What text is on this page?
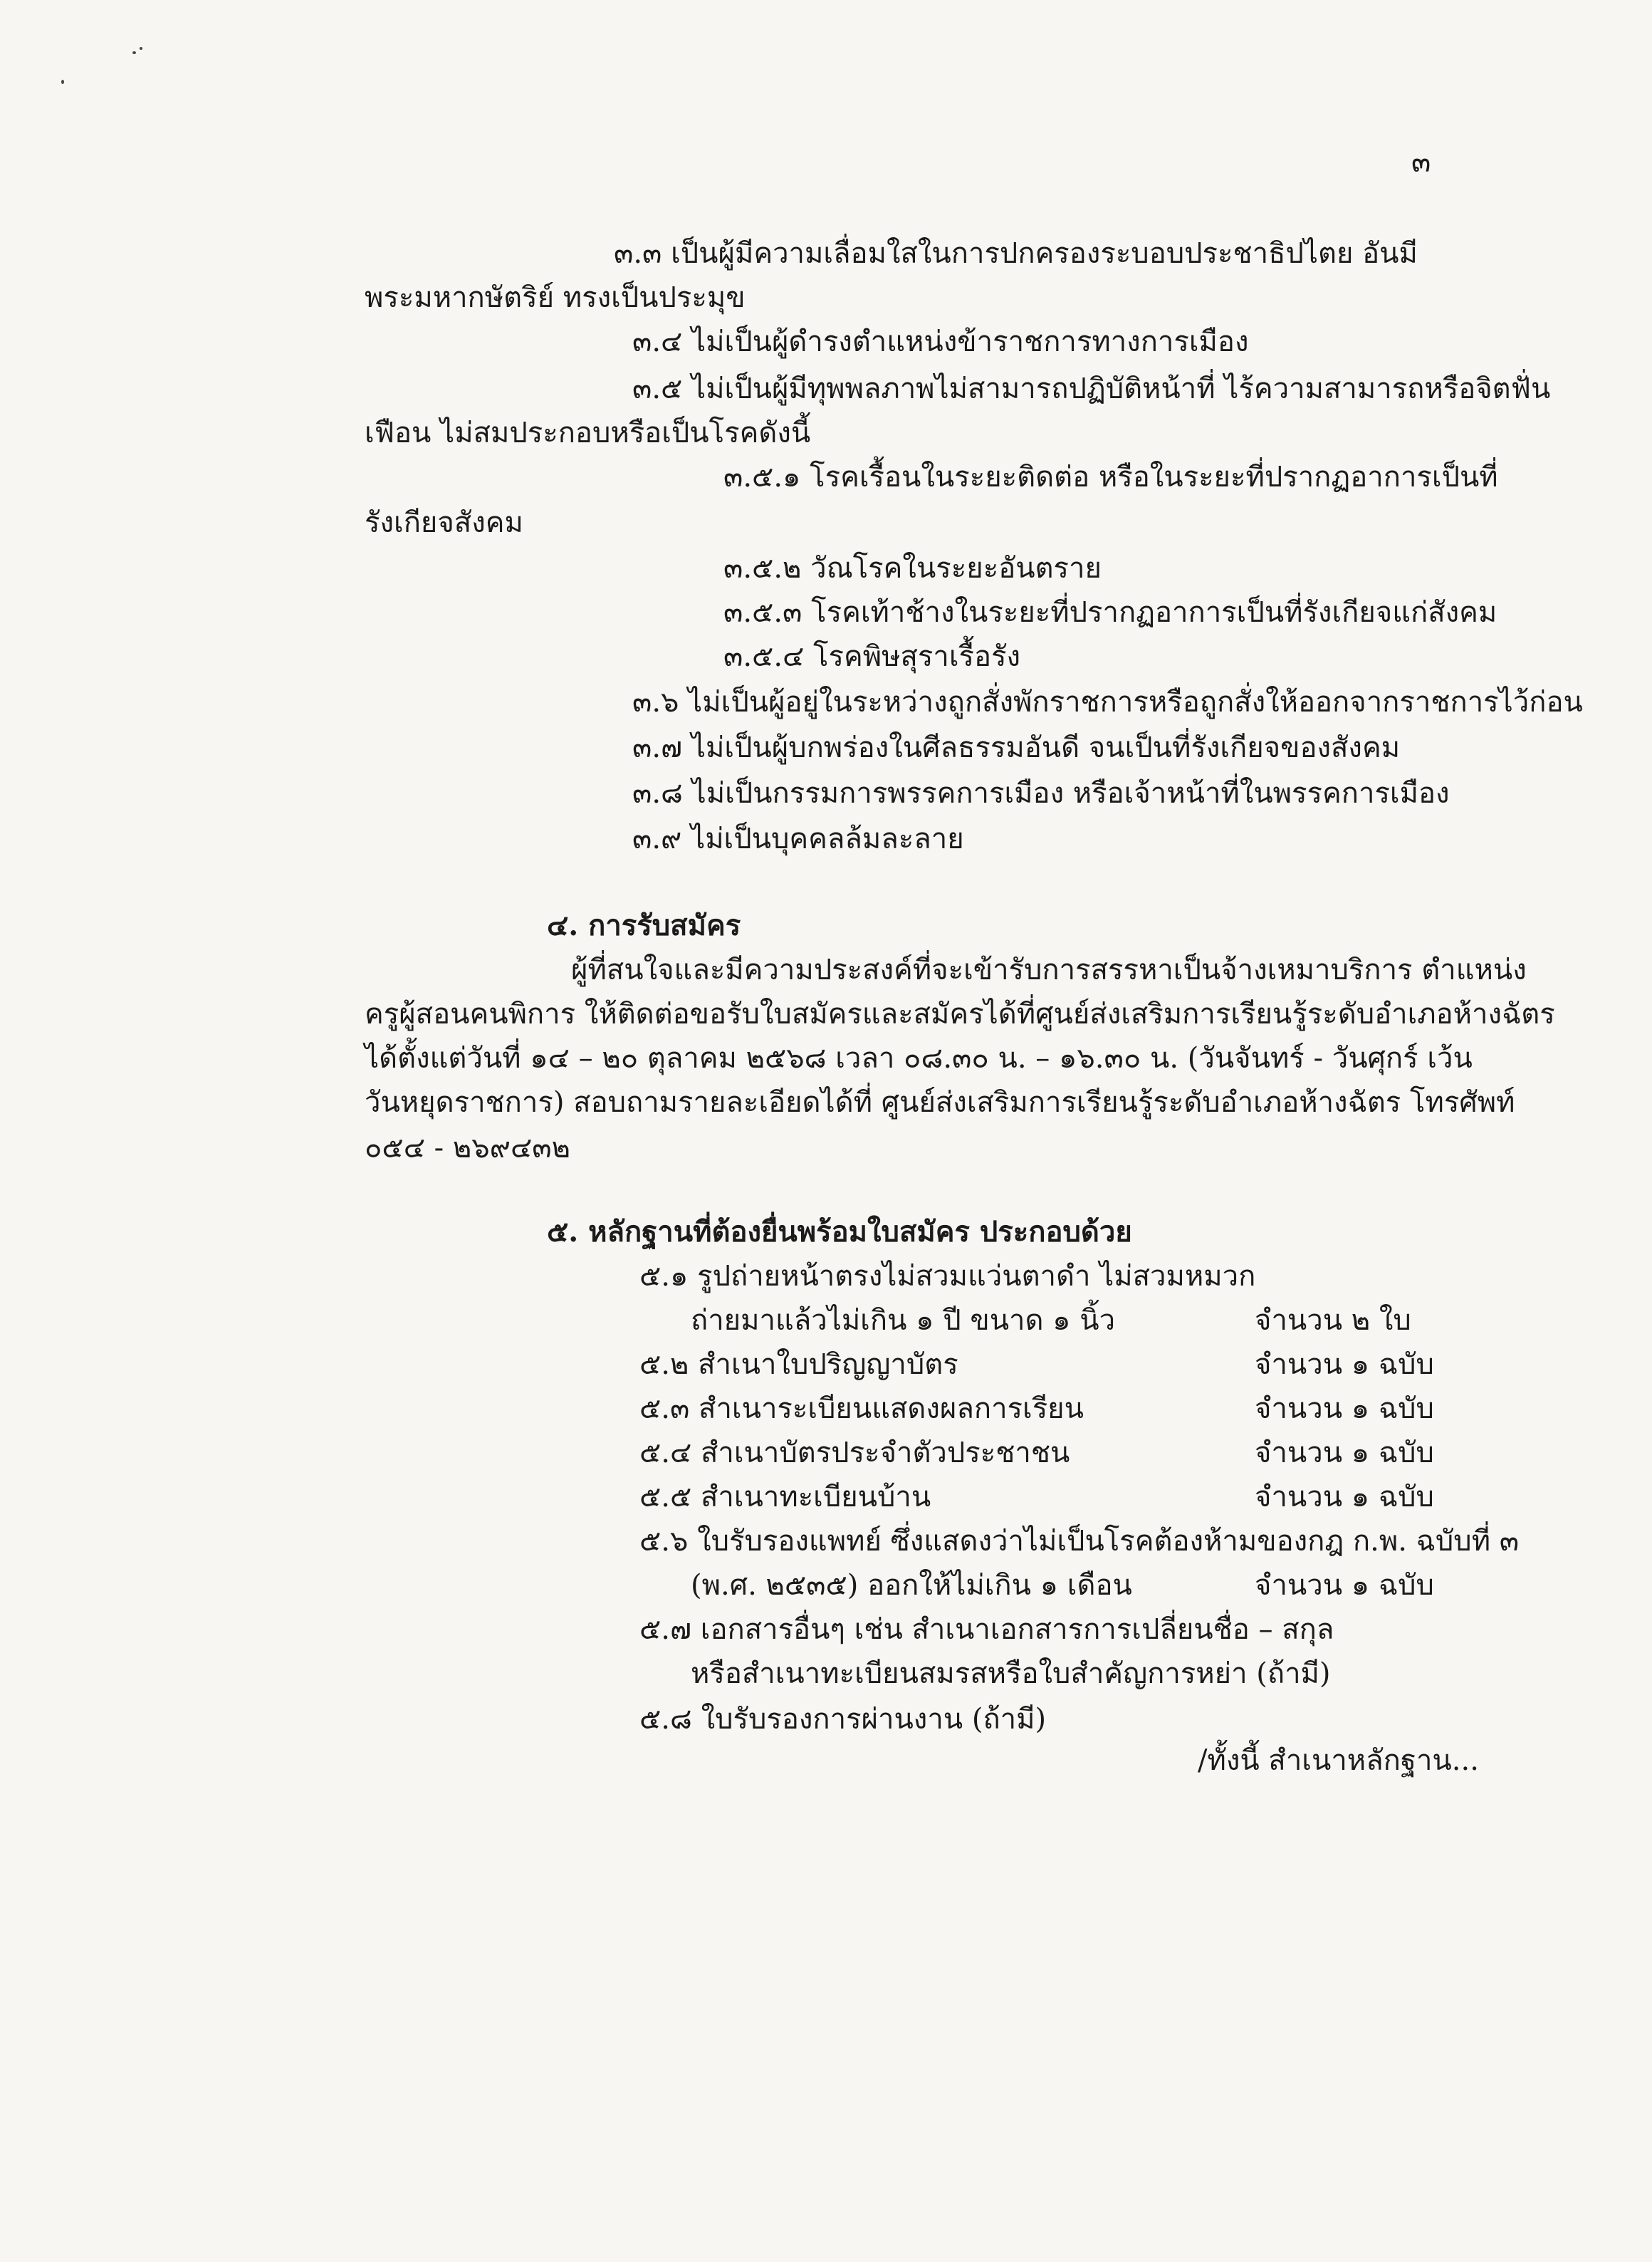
๓
๓.๓ เป็นผู้มีความเลื่อมใสในการปกครองระบอบประชาธิปไตย อันมี
พระมหากษัตริย์ ทรงเป็นประมุข
๓.๔ ไม่เป็นผู้ดำรงตำแหน่งข้าราชการทางการเมือง
๓.๕ ไม่เป็นผู้มีทุพพลภาพไม่สามารถปฏิบัติหน้าที่ ไร้ความสามารถหรือจิตฟั่น
เฟือน ไม่สมประกอบหรือเป็นโรคดังนี้
๓.๕.๑ โรคเรื้อนในระยะติดต่อ หรือในระยะที่ปรากฏอาการเป็นที่
รังเกียจสังคม
๓.๕.๒ วัณโรคในระยะอันตราย
๓.๕.๓ โรคเท้าช้างในระยะที่ปรากฏอาการเป็นที่รังเกียจแก่สังคม
๓.๕.๔ โรคพิษสุราเรื้อรัง
๓.๖ ไม่เป็นผู้อยู่ในระหว่างถูกสั่งพักราชการหรือถูกสั่งให้ออกจากราชการไว้ก่อน
๓.๗ ไม่เป็นผู้บกพร่องในศีลธรรมอันดี จนเป็นที่รังเกียจของสังคม
๓.๘ ไม่เป็นกรรมการพรรคการเมือง หรือเจ้าหน้าที่ในพรรคการเมือง
๓.๙ ไม่เป็นบุคคลล้มละลาย
๔. การรับสมัคร
ผู้ที่สนใจและมีความประสงค์ที่จะเข้ารับการสรรหาเป็นจ้างเหมาบริการ ตำแหน่ง
ครูผู้สอนคนพิการ ให้ติดต่อขอรับใบสมัครและสมัครได้ที่ศูนย์ส่งเสริมการเรียนรู้ระดับอำเภอห้างฉัตร
ได้ตั้งแต่วันที่ ๑๔ – ๒๐ ตุลาคม ๒๕๖๘ เวลา ๐๘.๓๐ น. – ๑๖.๓๐ น. (วันจันทร์ - วันศุกร์ เว้น
วันหยุดราชการ) สอบถามรายละเอียดได้ที่ ศูนย์ส่งเสริมการเรียนรู้ระดับอำเภอห้างฉัตร โทรศัพท์
๐๕๔ - ๒๖๙๔๓๒
๕. หลักฐานที่ต้องยื่นพร้อมใบสมัคร ประกอบด้วย
๕.๑ รูปถ่ายหน้าตรงไม่สวมแว่นตาดำ ไม่สวมหมวก
ถ่ายมาแล้วไม่เกิน ๑ ปี ขนาด ๑ นิ้ว	จำนวน ๒ ใบ
๕.๒ สำเนาใบปริญญาบัตร	จำนวน ๑ ฉบับ
๕.๓ สำเนาระเบียนแสดงผลการเรียน	จำนวน ๑ ฉบับ
๕.๔ สำเนาบัตรประจำตัวประชาชน	จำนวน ๑ ฉบับ
๕.๕ สำเนาทะเบียนบ้าน	จำนวน ๑ ฉบับ
๕.๖ ใบรับรองแพทย์ ซึ่งแสดงว่าไม่เป็นโรคต้องห้ามของกฎ ก.พ. ฉบับที่ ๓
(พ.ศ. ๒๕๓๕) ออกให้ไม่เกิน ๑ เดือน	จำนวน ๑ ฉบับ
๕.๗ เอกสารอื่นๆ เช่น สำเนาเอกสารการเปลี่ยนชื่อ – สกุล
หรือสำเนาทะเบียนสมรสหรือใบสำคัญการหย่า (ถ้ามี)
๕.๘ ใบรับรองการผ่านงาน (ถ้ามี)
/ทั้งนี้ สำเนาหลักฐาน...
